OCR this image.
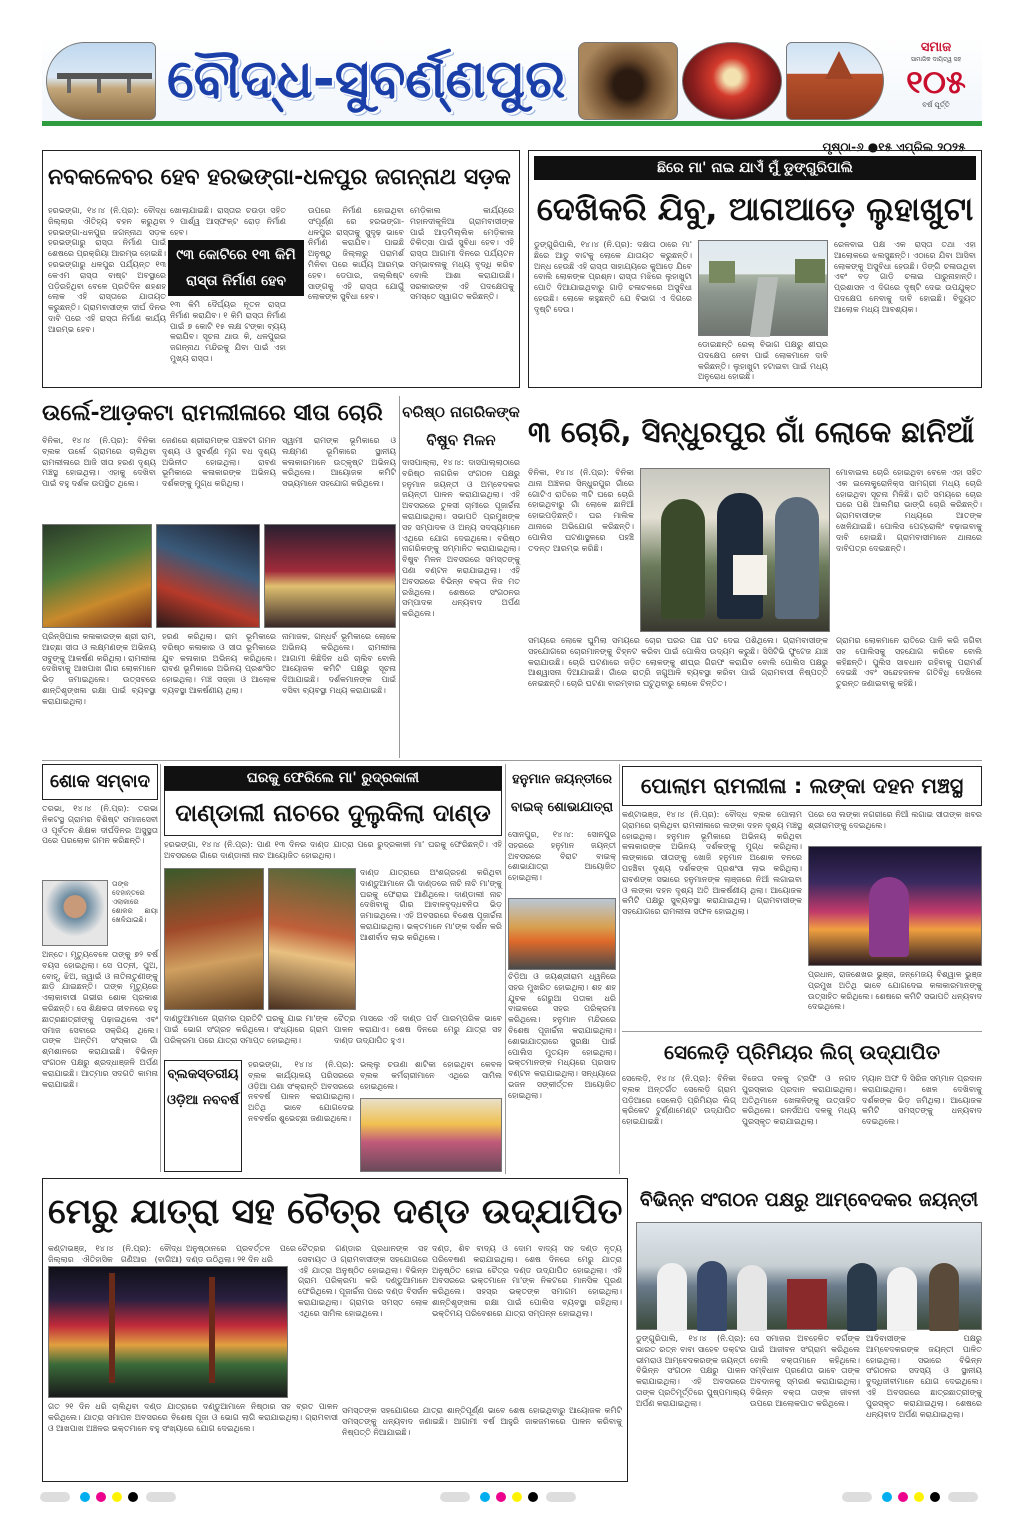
ବୌଦ୍ଧ-ସୁବର୍ଣ୍ଣପୁର
ସମାଜ
ସାମାଜିକ ଦାୟିତ୍ୱ ସହ
୧୦୫
ବର୍ଷ ପୂର୍ତ୍ତି
ପୃଷ୍ଠା-୬ ●୧୫ ଏପ୍ରିଲ ୨୦୨୫
ନବକଳେବର ହେବ ହରଭଙ୍ଗା-ଧଳପୁର ଜଗନ୍ନାଥ ସଡ଼କ
ହରଭଙ୍ଗା, ୧୪।୪ (ନି.ପ୍ର): ବୌଦ୍ଧ ଜିଲ୍ଲାର ଐତିହ୍ୟ ବହନ କରୁଥିବା ହରଭଙ୍ଗା-ଧଳପୁର ଜଗନ୍ନାଥ ସଡ଼କ ହରଭଙ୍ଗାରୁ ରାସ୍ତା ନିର୍ମାଣ ପାଇଁ ଶେଷରେ ପ୍ରକ୍ରିୟା ଆରମ୍ଭ ହୋଇଛି। ହରଭଙ୍ଗାରୁ ଧଳପୁର ପର୍ଯ୍ୟନ୍ତ ୧୩ କେଏମ ରାସ୍ତା ବାଷ୍ଟ ଅବସ୍ଥାରେ ପଡ଼ିରହିଥିବା ବେଳେ ପ୍ରତିଦିନ ଶହଶହ ଲୋକ ଏହି ରାସ୍ତାରେ ଯାତାୟତ କରୁଛନ୍ତି। ଗ୍ରାମବାସୀଙ୍କ ଦୀର୍ଘ ଦିନର ଦାବି ପରେ ଏହି ରାସ୍ତା ନିର୍ମାଣ କାର୍ଯ୍ୟ ଆରମ୍ଭ ହେବ।
ଖୋଲାଯାଇଛି। ରାସ୍ତାର ଚଉଡ଼ା ସହିତ ୨ ପାର୍ଶ୍ୱ ଆସ୍ଫଳ୍ଟ ରୋଡ଼ ନିର୍ମାଣ ହେବ।
୯୩ କୋଟିରେ ୧୩ କିମି ରାସ୍ତା ନିର୍ମାଣ ହେବ
୧୩ କିମି ଦୈର୍ଘ୍ୟର ନୂତନ ରାସ୍ତା ନିର୍ମାଣ କରାଯିବ। ୧ କିମି ରାସ୍ତା ନିର୍ମାଣ ପାଇଁ ୭ କୋଟି ୧୫ ଲକ୍ଷ ଟଙ୍କା ବ୍ୟୟ କରାଯିବ। ସୂଚନା ଥାଉ କି, ଧଳପୁରର ଜଗନ୍ନାଥ ମନ୍ଦିରକୁ ଯିବା ପାଇଁ ଏହା ମୁଖ୍ୟ ରାସ୍ତା।
ଉପରେ ନିର୍ମାଣ ହୋଇଥିବା ସଂପୂର୍ଣ୍ଣ ରେ ହରଭଙ୍ଗା-ଧଳପୁର ରାସ୍ତାକୁ ସୁଦୃଢ଼ ଭାବେ ନିର୍ମାଣ କରାଯିବ। ପାଇଛି ଅନୁଷ୍ଠୁ ଜିଲ୍ଲାରୁ ପରାମର୍ଶ ମିଳିବା ପରେ କାର୍ଯ୍ୟ ଆରମ୍ଭ ହେବ। ଡେପାର, ଜଲ୍ଲିଷ୍ଟ ସାଙ୍ଗକୁ ଏହି ରାସ୍ତା ଯୋଗୁଁ ଲୋକଙ୍କ ସୁବିଧା ହେବ।
ମେଡ଼ିକାଲ କାର୍ଯ୍ୟରେ ମହାନଦୀକୂଳିଆ ଗ୍ରାମବାସୀଙ୍କ ପାଇଁ ଆଡ଼ମିଲ୍ଲିକ ମେଡ଼ିକାଲ ଚିକିତ୍ସା ପାଇଁ ସୁବିଧା ହେବ। ଏହି ରାସ୍ତା ଆଗାମୀ ଦିନରେ ପର୍ଯ୍ୟଟନ ସମ୍ଭାବନାକୁ ମଧ୍ୟ ବୃଦ୍ଧି କରିବ ବୋଲି ଆଶା କରାଯାଉଛି। ସରକାରଙ୍କ ଏହି ପଦକ୍ଷେପକୁ ସମସ୍ତେ ସ୍ୱାଗତ କରିଛନ୍ତି।
ଛିରେ ମା' ନାଇ ଯାଏଁ ମୁଁ ଡୁଙ୍ଗୁରିପାଲି
ଦେଖିକରି ଯିବୁ, ଆଗଆଡ଼େ ଲୁହାଖୁଟା
ଡୁଙ୍ଗୁରିପାଲି, ୧୪।୪ (ନି.ପ୍ର): ଦକ୍ଷତା ଠାରେ ମା' ଛିରେ ଆଡୁ ବାଟକୁ ଲୋକେ ଯାତାୟତ କରୁଛନ୍ତି। ଅନ୍ଧ ହେଉଛି ଏହି ରାସ୍ତା ସାହାଯ୍ୟରେ କୁଆଡ଼େ ଯିବେ ବୋଲି ଲୋକଙ୍କ ପ୍ରଶ୍ନ। ରାସ୍ତା ମଝିରେ ଲୁହାଖୁଟା ପୋତି ଦିଆଯାଇଥିବାରୁ ଗାଡ଼ି ଚଳାଚଳରେ ଅସୁବିଧା ହେଉଛି। ଲୋକେ କହୁଛନ୍ତି ଯେ ବିଭାଗ ଏ ଦିଗରେ ଦୃଷ୍ଟି ଦେଉ।
ଡୋଇଛନ୍ତି ରେଲ୍ ବିଭାଗ ପକ୍ଷରୁ ଶୀଘ୍ର ପଦକ୍ଷେପ ନେବା ପାଇଁ ଲୋକମାନେ ଦାବି କରିଛନ୍ତି। ଲୁହାଖୁଟା ହଟାଇବା ପାଇଁ ମଧ୍ୟ ଅନୁରୋଧ ହୋଇଛି।
ରେଳବାଇ ପକ୍ଷ ଏକ ରାସ୍ତା ତଥା ଏହା ଆଲୋକରେ ଝଲସୁଛନ୍ତି। ଏଠାରେ ଯିବା ଆସିବା ଲୋକଙ୍କୁ ଅସୁବିଧା ହେଉଛି। ଡିଙ୍ଗି ଚଳାଉଥିବା ଏବଂ ବଡ଼ ଗାଡ଼ି ଚଳାଇ ପାରୁନାହାନ୍ତି। ପ୍ରଶାସନ ଏ ଦିଗରେ ଦୃଷ୍ଟି ଦେଇ ଉପଯୁକ୍ତ ପଦକ୍ଷେପ ନେବାକୁ ଦାବି ହୋଇଛି। ବିଦ୍ୟୁତ ଆଲୋକ ମଧ୍ୟ ଆବଶ୍ୟକ।
ଉର୍ଲେ-ଆଡ଼କଟା ରାମଲୀଳାରେ ସୀତା ଚୋରି
ବିନିକା, ୧୪।୪ (ନି.ପ୍ର): ବିନିକା ବ୍ଲକ ଉର୍ଲେ ଗ୍ରାମରେ ଚାଲିଥିବା ରାମଲୀଳାରେ ଆଜି ସୀତା ହରଣ ଦୃଶ୍ୟ ମଞ୍ଚସ୍ଥ ହୋଇଥିଲା। ଏହାକୁ ଦେଖିବା ପାଇଁ ବହୁ ଦର୍ଶକ ଉପସ୍ଥିତ ଥିଲେ।
ଜେଣରେ ଶ୍ରୀରାମଙ୍କ ପଞ୍ଚବଟୀ ଗମନ ଦୃଶ୍ୟ ଓ ସୁବର୍ଣ୍ଣ ମୃଗ ବଧ ଦୃଶ୍ୟ ଅଭିନୀତ ହୋଇଥିଲା। ରାବଣ ଭୂମିକାରେ କଳାକାରଙ୍କ ଅଭିନୟ ଦର୍ଶକଙ୍କୁ ମୁଗ୍ଧ କରିଥିଲା।
ସ୍ୱାମୀ ରାମଙ୍କ ଭୂମିକାରେ ଓ ଲକ୍ଷ୍ମଣ ଭୂମିକାରେ ସ୍ଥାନୀୟ କଳାକାରମାନେ ଉତ୍କୃଷ୍ଟ ଅଭିନୟ କରିଥିଲେ। ଆୟୋଜକ କମିଟି ସଭ୍ୟମାନେ ସହଯୋଗ କରିଥିଲେ।
ପ୍ରିନ୍ସିପାଲ କଳାକାରଙ୍କ ଶ୍ରୀ ରାମ, ଆଚ୍ଛା ସୀତା ଓ ଲକ୍ଷ୍ମଣଙ୍କ ଅଭିନୟ ସବୁଙ୍କୁ ଆକର୍ଷଣ କରିଥିଲା। ରାମଲୀଳା ଦେଖିବାକୁ ଆଖପାଖ ଗାଁର ଲୋକମାନେ ଭିଡ଼ ଜମାଇଥିଲେ। ଉତ୍ସବରେ ଶାନ୍ତିଶୃଙ୍ଖଳା ରକ୍ଷା ପାଇଁ ବ୍ୟବସ୍ଥା କରାଯାଇଥିଲା।
ହରଣ କରିଥିଲା। ରାମ ଭୂମିକାରେ ବରିଷ୍ଠ କଳାକାର ଓ ସୀତା ଭୂମିକାରେ ଯୁବ କଳାକାର ଅଭିନୟ କରିଥିଲେ। ରାବଣ ଭୂମିକାରେ ଅଭିନୟ ପ୍ରଶଂସିତ ହୋଇଥିଲା। ମଞ୍ଚ ସଜ୍ଜା ଓ ଆଲୋକ ବ୍ୟବସ୍ଥା ଆକର୍ଷଣୀୟ ଥିଲା।
ନାମାଜକ, ଗନ୍ଧର୍ବ ଭୂମିକାରେ ଲୋକେ ଅଭିନୟ କରିଥିଲେ। ରାମଲୀଳା ଆଗାମୀ କିଛିଦିନ ଧରି ଚାଲିବ ବୋଲି ଆୟୋଜକ କମିଟି ପକ୍ଷରୁ ସୂଚନା ଦିଆଯାଇଛି। ଦର୍ଶକମାନଙ୍କ ପାଇଁ ବସିବା ବ୍ୟବସ୍ଥା ମଧ୍ୟ କରାଯାଇଛି।
ବରିଷ୍ଠ ନାଗରିକଙ୍କ ବିଷୁବ ମିଳନ
ଦାସପାଲ୍ଲା, ୧୪।୪: ଦାସପାଲ୍ଲାଠାରେ ବରିଷ୍ଠ ନାଗରିକ ସଂଗଠନ ପକ୍ଷରୁ ହନୁମାନ ଜୟନ୍ତୀ ଓ ଅମ୍ବେଦକର ଜୟନ୍ତୀ ପାଳନ କରାଯାଇଥିଲା। ଏହି ଅବସରରେ ତୁଳସୀ ଚାମୀରେ ପୂଜାର୍ଚ୍ଚନା କରାଯାଇଥିଲା। ସଭାପତି ପ୍ରମୁଖଙ୍କ ସହ ସମ୍ପାଦକ ଓ ଅନ୍ୟ ସଦସ୍ୟମାନେ ଏଥିରେ ଯୋଗ ଦେଇଥିଲେ। ବରିଷ୍ଠ ନାଗରିକଙ୍କୁ ସମ୍ମାନିତ କରାଯାଇଥିଲା। ବିଷୁବ ମିଳନ ଅବସରରେ ସମସ୍ତଙ୍କୁ ପଣା ବଣ୍ଟନ କରାଯାଇଥିଲା। ଏହି ଅବସରରେ ବିଭିନ୍ନ ବକ୍ତା ନିଜ ମତ ରଖିଥିଲେ। ଶେଷରେ ସଂଗଠନର ସମ୍ପାଦକ ଧନ୍ୟବାଦ ଅର୍ପଣ କରିଥିଲେ।
୩ ଚୋରି, ସିନ୍ଧୁରପୁର ଗାଁ ଲୋକେ ଛାନିଆଁ
ବିନିକା, ୧୪।୪ (ନି.ପ୍ର): ବିନିକା ଥାନା ଅଞ୍ଚଳର ସିନ୍ଧୁରପୁର ଗାଁରେ ଗୋଟିଏ ରାତିରେ ୩ଟି ଘରେ ଚୋରି ହୋଇଥିବାରୁ ଗାଁ ଲୋକେ ଛାନିଆଁ ହୋଇପଡ଼ିଛନ୍ତି। ଘର ମାଲିକ ଥାନାରେ ଅଭିଯୋଗ କରିଛନ୍ତି। ପୋଲିସ ଘଟଣାସ୍ଥଳରେ ପହଞ୍ଚି ତଦନ୍ତ ଆରମ୍ଭ କରିଛି।
ମୋବାଇଲ ଚୋରି ହୋଇଥିବା ବେଳେ ଏହା ସହିତ ଏକ ଇଲେକ୍ଟ୍ରୋନିକ୍ସ ସାମଗ୍ରୀ ମଧ୍ୟ ଚୋରି ହୋଇଥିବା ସୂଚନା ମିଳିଛି। ରାତି ସମୟରେ ଚୋର ଘରେ ପଶି ଆଲମିରା ଭାଙ୍ଗି ଚୋରି କରିଛନ୍ତି। ଗ୍ରାମବାସୀଙ୍କ ମଧ୍ୟରେ ଆତଙ୍କ ଖେଳିଯାଇଛି। ପୋଲିସ ପେଟ୍ରୋଲିଂ ବଢ଼ାଇବାକୁ ଦାବି ହୋଇଛି। ଗ୍ରାମବାସୀମାନେ ଥାନାରେ ଦାବିପତ୍ର ଦେଇଛନ୍ତି।
ସମୟରେ ଲୋକେ ଘୁମିଲା ସମୟରେ ଚୋର ଘରର ପଛ ପଟ ଦେଇ ପଶିଥିଲେ। ଗ୍ରାମବାସୀଙ୍କ ସହଯୋଗରେ ଚୋରମାନଙ୍କୁ ଚିହ୍ନଟ କରିବା ପାଇଁ ପୋଲିସ ଉଦ୍ୟମ କରୁଛି। ସିସିଟିଭି ଫୁଟେଜ ଯାଞ୍ଚ କରାଯାଉଛି। ଚୋରି ଘଟଣାରେ ଜଡ଼ିତ ଲୋକଙ୍କୁ ଶୀଘ୍ର ଗିରଫ କରାଯିବ ବୋଲି ପୋଲିସ ପକ୍ଷରୁ ଆଶ୍ୱାସନା ଦିଆଯାଇଛି। ଗାଁରେ ରାତ୍ରି ଜଗୁଆଳି ବ୍ୟବସ୍ଥା କରିବା ପାଇଁ ଗ୍ରାମବାସୀ ନିଷ୍ପତ୍ତି ନେଇଛନ୍ତି। ଚୋରି ଘଟଣା ବାରମ୍ବାର ଘଟୁଥିବାରୁ ଲୋକେ ଚିନ୍ତିତ।
ଗ୍ରାମର ଲୋକମାନେ ରାତିରେ ପାଳି କରି ଜଗିବା ସହ ପୋଲିସକୁ ସହଯୋଗ କରିବେ ବୋଲି କହିଛନ୍ତି। ପୁଲିସ ସାବଧାନ ରହିବାକୁ ପରାମର୍ଶ ଦେଇଛି ଏବଂ ସନ୍ଦେହଜନକ ଗତିବିଧି ଦେଖିଲେ ତୁରନ୍ତ ଜଣାଇବାକୁ କହିଛି।
ଶୋକ ସମ୍ବାଦ
ତରଭା, ୧୪।୪ (ନି.ପ୍ର): ତରଭା ନିକଟସ୍ଥ ଗ୍ରାମର ବିଶିଷ୍ଟ ସମାଜସେବୀ ଓ ପୂର୍ବତନ ଶିକ୍ଷକ ଦୀର୍ଘଦିନର ଅସୁସ୍ଥତା ପରେ ପରଲୋକ ଗମନ କରିଛନ୍ତି।
ତାଙ୍କ ଦେହାନ୍ତରେ ଏଲାକାରେ ଶୋକର ଛାୟା ଖେଳିଯାଇଛି।
ଅନ୍ତେ। ମୃତ୍ୟୁବେଳେ ତାଙ୍କୁ ୭୨ ବର୍ଷ ବୟସ ହୋଇଥିଲା। ସେ ପତ୍ନୀ, ପୁଅ, ବୋହୂ, ଝିଅ, ଜ୍ୱାଇଁ ଓ ନାତିନାତୁଣୀଙ୍କୁ ଛାଡ଼ି ଯାଇଛନ୍ତି। ତାଙ୍କ ମୃତ୍ୟୁରେ ଏଲାକାବାସୀ ଗଭୀର ଶୋକ ପ୍ରକାଶ କରିଛନ୍ତି। ସେ ଶିକ୍ଷକତା ଜୀବନରେ ବହୁ ଛାତ୍ରଛାତ୍ରୀଙ୍କୁ ପଢ଼ାଇଥିଲେ ଏବଂ ସମାଜ ସେବାରେ ସକ୍ରିୟ ଥିଲେ। ତାଙ୍କ ଅନ୍ତିମ ସଂସ୍କାର ଗାଁ ଶ୍ମଶାନରେ କରାଯାଇଛି। ବିଭିନ୍ନ ସଂଗଠନ ପକ୍ଷରୁ ଶ୍ରଦ୍ଧାଞ୍ଜଳି ଅର୍ପଣ କରାଯାଇଛି। ଆତ୍ମାର ସଦଗତି କାମନା କରାଯାଇଛି।
ଘରକୁ ଫେରିଲେ ମା' ରୁଦ୍ରକାଳୀ
ଦାଣ୍ଡାଲୀ ନାଚରେ ଦୁଲୁକିଲା ଦାଣ୍ଡ
ହରଭଙ୍ଗା, ୧୪।୪ (ନି.ପ୍ର): ପାଣ ୧୩ ଦିନର ଦାଣ୍ଡ ଯାତ୍ରା ପରେ ରୁଦ୍ରକାଳୀ ମା' ଘରକୁ ଫେରିଛନ୍ତି। ଏହି ଅବସରରେ ଗାଁରେ ଦାଣ୍ଡାଲୀ ନାଚ ଆୟୋଜିତ ହୋଇଥିଲା।
ଦାଣ୍ଡ ଯାତ୍ରାରେ ଅଂଶଗ୍ରହଣ କରିଥିବା ଦାଣ୍ଡୁଆମାନେ ଗାଁ ଦାଣ୍ଡରେ ନାଚି ନାଚି ମା'ଙ୍କୁ ଘରକୁ ଫେରାଇ ଆଣିଥିଲେ। ଦାଣ୍ଡାଲୀ ନାଚ ଦେଖିବାକୁ ଗାଁର ଆବାଳବୃଦ୍ଧବନିତା ଭିଡ଼ ଜମାଇଥିଲେ। ଏହି ଅବସରରେ ବିଶେଷ ପୂଜାର୍ଚ୍ଚନା କରାଯାଇଥିଲା। ଭକ୍ତମାନେ ମା'ଙ୍କ ଦର୍ଶନ କରି ଆଶୀର୍ବାଦ ଲାଭ କରିଥିଲେ।
ଦାଣ୍ଡୁଆମାନେ ଗ୍ରାମର ପ୍ରତିଟି ଘରକୁ ଯାଇ ମା'ଙ୍କ ପାଇଁ ଭୋଗ ସଂଗ୍ରହ କରିଥିଲେ। ସଂଧ୍ୟାରେ ଗ୍ରାମ ପରିକ୍ରମା ପରେ ଯାତ୍ରା ସମାପ୍ତ ହୋଇଥିଲା।
ଚୈତ୍ର ମାସରେ ଏହି ଦାଣ୍ଡ ପର୍ବ ପାରମ୍ପରିକ ଭାବେ ପାଳନ କରାଯାଏ। ଶେଷ ଦିନରେ ମେରୁ ଯାତ୍ରା ସହ ଦାଣ୍ଡ ଉଦ୍‌ଯାପିତ ହୁଏ।
ହନୁମାନ ଜୟନ୍ତୀରେ ବାଇକ୍ ଶୋଭାଯାତ୍ରା
ସୋନପୁର, ୧୪।୪: ସୋନପୁର ସହରରେ ହନୁମାନ ଜୟନ୍ତୀ ଅବସରରେ ବିରାଟ ବାଇକ୍ ଶୋଭାଯାତ୍ରା ଆୟୋଜିତ ହୋଇଥିଲା।
ଚିଡ଼ିଆ ଓ ଜୟଶ୍ରୀରାମ ଧ୍ୱନିରେ ସହର ମୁଖରିତ ହୋଇଥିଲା। ଶହ ଶହ ଯୁବକ ଗେରୁଆ ପତାକା ଧରି ବାଇକରେ ସହର ପରିକ୍ରମା କରିଥିଲେ। ହନୁମାନ ମନ୍ଦିରରେ ବିଶେଷ ପୂଜାର୍ଚ୍ଚନା କରାଯାଇଥିଲା। ଶୋଭାଯାତ୍ରାରେ ସୁରକ୍ଷା ପାଇଁ ପୋଲିସ ମୁତୟନ ହୋଇଥିଲା। ଭକ୍ତମାନଙ୍କ ମଧ୍ୟରେ ପ୍ରସାଦ ବଣ୍ଟନ କରାଯାଇଥିଲା। ସନ୍ଧ୍ୟାରେ ଭଜନ ସଙ୍କୀର୍ତ୍ତନ ଆୟୋଜିତ ହୋଇଥିଲା।
ପୋଲାମ ରାମଲୀଳା : ଲଙ୍କା ଦହନ ମଞ୍ଚସ୍ଥ
କଣ୍ଟାଭଞ୍ଜ, ୧୪।୪ (ନି.ପ୍ର): ବୌଦ୍ଧ ବ୍ଲକ ପୋଲାମ ଗ୍ରାମରେ ଚାଲିଥିବା ରାମଲୀଳାରେ ଲଙ୍କା ଦହନ ଦୃଶ୍ୟ ମଞ୍ଚସ୍ଥ ହୋଇଥିଲା। ହନୁମାନ ଭୂମିକାରେ ଅଭିନୟ କରିଥିବା କଳାକାରଙ୍କ ଅଭିନୟ ଦର୍ଶକଙ୍କୁ ମୁଗ୍ଧ କରିଥିଲା। ଲଙ୍କାରେ ସୀତାଙ୍କୁ ଖୋଜି ହନୁମାନ ଅଶୋକ ବନରେ ପହଞ୍ଚିବା ଦୃଶ୍ୟ ଦର୍ଶକଙ୍କ ପ୍ରଶଂସା ଲାଭ କରିଥିଲା। ରାବଣଙ୍କ ସଭାରେ ହନୁମାନଙ୍କ ଲାଞ୍ଜରେ ନିଆଁ ଲଗାଇବା ଓ ଲଙ୍କା ଦହନ ଦୃଶ୍ୟ ଅତି ଆକର୍ଷଣୀୟ ଥିଲା। ଆୟୋଜକ କମିଟି ପକ୍ଷରୁ ସୁବ୍ୟବସ୍ଥା କରାଯାଇଥିଲା। ଗ୍ରାମବାସୀଙ୍କ ସହଯୋଗରେ ରାମଲୀଳା ସଫଳ ହୋଇଥିଲା।
ପରେ ସେ ଲଙ୍କା ନଗରୀରେ ନିଆଁ ଲଗାଇ ସୀତାଙ୍କ ଖବର ଶ୍ରୀରାମଙ୍କୁ ଦେଇଥିଲେ।
ପ୍ରଧାନ, ରାଜଶେଖର ଭୁଞ୍ଜ, ଜନ୍ମେଜୟ ବିଶ୍ୱାଳ ଭୁଞ୍ଜ ପ୍ରମୁଖ ଅତିଥି ଭାବେ ଯୋଗଦେଇ କଳାକାରମାନଙ୍କୁ ଉତ୍ସାହିତ କରିଥିଲେ। ଶେଷରେ କମିଟି ସଭାପତି ଧନ୍ୟବାଦ ଦେଇଥିଲେ।
ସେଲେଡ଼ି ପ୍ରିମିୟର ଲିଗ୍ ଉଦ୍‌ଯାପିତ
ସେଲେଡ଼ି, ୧୪।୪ (ନି.ପ୍ର): ବିନିକା ବ୍ଲକ ଅନ୍ତର୍ଗତ ସେଲେଡ଼ି ଗ୍ରାମ ପଡ଼ିଆରେ ସେଲେଡ଼ି ପ୍ରିମିୟର ଲିଗ୍ କ୍ରିକେଟ ଟୁର୍ଣ୍ଣାମେଣ୍ଟ ଉଦ୍‌ଯାପିତ ହୋଇଯାଇଛି।
ବିଜେତା ଦଳକୁ ଟ୍ରଫି ଓ ନଗଦ ପୁରସ୍କାର ପ୍ରଦାନ କରାଯାଇଥିଲା। ଅତିଥିମାନେ ଖେଳାଳିଙ୍କୁ ଉତ୍ସାହିତ କରିଥିଲେ। ରନର୍ସଅପ ଦଳକୁ ମଧ୍ୟ ପୁରସ୍କୃତ କରାଯାଇଥିଲା।
ମ୍ୟାନ ଅଫ ଦି ସିରିଜ ସମ୍ମାନ ପ୍ରଦାନ କରାଯାଇଥିଲା। ଖେଳ ଦେଖିବାକୁ ଦର୍ଶକଙ୍କ ଭିଡ଼ ଜମିଥିଲା। ଆୟୋଜକ କମିଟି ସମସ୍ତଙ୍କୁ ଧନ୍ୟବାଦ ଦେଇଥିଲେ।
ବ୍ଲକସ୍ତରୀୟ ଓଡ଼ିଆ ନବବର୍ଷ
ହରଭଙ୍ଗା, ୧୪।୪ (ନି.ପ୍ର): ବ୍ଲକ କାର୍ଯ୍ୟାଳୟ ପରିସରରେ ଓଡ଼ିଆ ପଣା ସଂକ୍ରାନ୍ତି ଅବସରରେ ନବବର୍ଷ ପାଳନ କରାଯାଇଥିଲା। ଅତିଥି ଭାବେ ଯୋଗଦେଇ ନବବର୍ଷର ଶୁଭେଚ୍ଛା ଜଣାଇଥିଲେ।
ଭଲ୍ଲୁ ଚଉଣା ଶାଟିକା ହୋଇଥିବା କେବଳ ବ୍ଲକ କର୍ମଚାରୀମାନେ ଏଥିରେ ସାମିଲ ହୋଇଥିଲେ।
ମେରୁ ଯାତ୍ରା ସହ ଚୈତ୍ର ଦଣ୍ଡ ଉଦ୍‌ଯାପିତ
କଣ୍ଟାଭଞ୍ଜ, ୧୪।୪ (ନି.ପ୍ର): ବୌଦ୍ଧ ଜିଲ୍ଲାର ଐତିହାସିକ ଗଣିଆର (ବାଗିଆ)
ଅନୁଷ୍ଠାନରେ ପ୍ରବର୍ତ୍ତନ ପରେ ଦଣ୍ଡ ଉଠିଥିଲା। ୨୧ ଦିନ ଧରି
ଚୈତ୍ରର ଗଣ୍ଡାର ପ୍ରଧାନଙ୍କ ସହ ସେବାୟତ ଓ ଗ୍ରାମବାସୀଙ୍କ ସହଯୋଗରେ ଏହି ଯାତ୍ରା ଅନୁଷ୍ଠିତ ହୋଇଥିଲା। ବିଭିନ୍ନ ଗ୍ରାମ ପରିକ୍ରମା କରି ଦଣ୍ଡୁଆମାନେ ଫେରିଥିଲେ। ପୂଜାର୍ଚ୍ଚନା ପରେ ଦଣ୍ଡ ବିସର୍ଜନ କରାଯାଇଥିଲା। ଗ୍ରାମର ସମସ୍ତ ଲୋକ ଏଥିରେ ସାମିଲ ହୋଇଥିଲେ।
ଦଣ୍ଡ, ଶିବ ବାଦ୍ୟ ଓ ଦୋମ ବାଦ୍ୟ ସହ ଦଣ୍ଡ ନୃତ୍ୟ ପରିବେଷଣ କରାଯାଇଥିଲା। ଶେଷ ଦିନରେ ମେରୁ ଯାତ୍ରା ଅନୁଷ୍ଠିତ ହୋଇ ଚୈତ୍ର ଦଣ୍ଡ ଉଦ୍‌ଯାପିତ ହୋଇଥିଲା। ଏହି ଅବସରରେ ଭକ୍ତମାନେ ମା'ଙ୍କ ନିକଟରେ ମାନସିକ ପୂରଣ କରିଥିଲେ। ସହସ୍ର ଭକ୍ତଙ୍କ ସମାଗମ ହୋଇଥିଲା। ଶାନ୍ତିଶୃଙ୍ଖଳା ରକ୍ଷା ପାଇଁ ପୋଲିସ ବ୍ୟବସ୍ଥା ରହିଥିଲା। ଭକ୍ତିମୟ ପରିବେଶରେ ଯାତ୍ରା ସମ୍ପନ୍ନ ହୋଇଥିଲା।
ଗତ ୨୧ ଦିନ ଧରି ଚାଲିଥିବା ଦଣ୍ଡ ଯାତ୍ରାରେ ଦଣ୍ଡୁଆମାନେ ନିଷ୍ଠାର ସହ ବ୍ରତ ପାଳନ କରିଥିଲେ। ଯାତ୍ରା ସମାପନ ଅବସରରେ ବିଶେଷ ପୂଜା ଓ ଭୋଗ ଲାଗି କରାଯାଇଥିଲା। ଗ୍ରାମବାସୀ ଓ ଆଖପାଖ ଅଞ୍ଚଳର ଭକ୍ତମାନେ ବହୁ ସଂଖ୍ୟାରେ ଯୋଗ ଦେଇଥିଲେ।
ସମସ୍ତଙ୍କ ସହଯୋଗରେ ଯାତ୍ରା ଶାନ୍ତିପୂର୍ଣ୍ଣ ଭାବେ ଶେଷ ହୋଇଥିବାରୁ ଆୟୋଜକ କମିଟି ସମସ୍ତଙ୍କୁ ଧନ୍ୟବାଦ ଜଣାଇଛି। ଆଗାମୀ ବର୍ଷ ଆହୁରି ଜାକଜମକରେ ପାଳନ କରିବାକୁ ନିଷ୍ପତ୍ତି ନିଆଯାଇଛି।
ବିଭିନ୍ନ ସଂଗଠନ ପକ୍ଷରୁ ଆମ୍ବେଦକର ଜୟନ୍ତୀ
ଡୁଙ୍ଗୁରିପାଲି, ୧୪।୪ (ନି.ପ୍ର): ଭାରତ ରତ୍ନ ବାବା ସାହେବ ଡକ୍ଟର ଭୀମରାଓ ଆମ୍ବେଦକରଙ୍କ ଜୟନ୍ତୀ ବିଭିନ୍ନ ସଂଗଠନ ପକ୍ଷରୁ ପାଳନ କରାଯାଇଥିଲା। ଏହି ଅବସରରେ ତାଙ୍କ ପ୍ରତିମୂର୍ତ୍ତିରେ ପୁଷ୍ପମାଲ୍ୟ ଅର୍ପଣ କରାଯାଇଥିଲା।
ସେ ସମାଜର ଅବହେଳିତ ବର୍ଗଙ୍କ ପାଇଁ ଆଜୀବନ ସଂଗ୍ରାମ କରିଥିଲେ ବୋଲି ବକ୍ତାମାନେ କହିଥିଲେ। ସମ୍ବିଧାନ ପ୍ରଣେତା ଭାବେ ତାଙ୍କ ଅବଦାନକୁ ସ୍ମରଣ କରାଯାଇଥିଲା। ବିଭିନ୍ନ ବକ୍ତା ତାଙ୍କ ଜୀବନୀ ଉପରେ ଆଲୋକପାତ କରିଥିଲେ।
ଆଦିବାସୀଙ୍କ ପକ୍ଷରୁ ଆମ୍ବେଦକରଙ୍କ ଜୟନ୍ତୀ ପାଳିତ ହୋଇଥିଲା। ସଭାରେ ବିଭିନ୍ନ ସଂଗଠନର ସଦସ୍ୟ ଓ ସ୍ଥାନୀୟ ବୁଦ୍ଧିଜୀବୀମାନେ ଯୋଗ ଦେଇଥିଲେ। ଏହି ଅବସରରେ ଛାତ୍ରଛାତ୍ରୀଙ୍କୁ ପୁରସ୍କୃତ କରାଯାଇଥିଲା। ଶେଷରେ ଧନ୍ୟବାଦ ଅର୍ପଣ କରାଯାଇଥିଲା।
